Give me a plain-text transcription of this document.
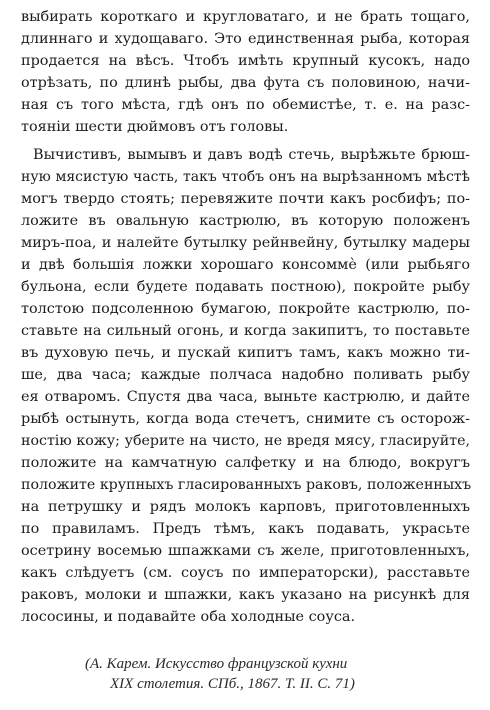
выбирать короткаго и кругловатаго, и не брать тощаго,
длиннаго и худощаваго. Это единственная рыба, которая
продается на вѣсъ. Чтобъ имѣть крупный кусокъ, надо
отрѣзать, по длинѣ рыбы, два фута съ половиною, начи-
ная съ того мѣста, гдѣ онъ по обемистѣе, т. е. на разс-
тояніи шести дюймовъ отъ головы.
Вычистивъ, вымывъ и давъ водѣ стечь, вырѣжьте брюш-
ную мясистую часть, такъ чтобъ онъ на вырѣзанномъ мѣстѣ
могъ твердо стоять; перевяжите почти какъ росбифъ; по-
ложите въ овальную кастрюлю, въ которую положенъ
миръ-поа, и налейте бутылку рейнвейну, бутылку мадеры
и двѣ большія ложки хорошаго консоммѐ (или рыбьяго
бульона, если будете подавать постною), покройте рыбу
толстою подсоленною бумагою, покройте кастрюлю, по-
ставьте на сильный огонь, и когда закипитъ, то поставьте
въ духовую печь, и пускай кипитъ тамъ, какъ можно ти-
ше, два часа; каждые полчаса надобно поливать рыбу
ея отваромъ. Спустя два часа, выньте кастрюлю, и дайте
рыбѣ остынуть, когда вода стечетъ, снимите съ осторож-
ностію кожу; уберите на чисто, не вредя мясу, гласируйте,
положите на камчатную салфетку и на блюдо, вокругъ
положите крупныхъ гласированныхъ раковъ, положенныхъ
на петрушку и рядъ молокъ карповъ, приготовленныхъ
по правиламъ. Предъ тѣмъ, какъ подавать, украсьте
осетрину восемью шпажками съ желе, приготовленныхъ,
какъ слѣдуетъ (см. соусъ по императорски), расставьте
раковъ, молоки и шпажки, какъ указано на рисункѣ для
лососины, и подавайте оба холодные соуса.
(А. Карем. Искусство французской кухни
XIX столетия. СПб., 1867. Т. II. С. 71)
